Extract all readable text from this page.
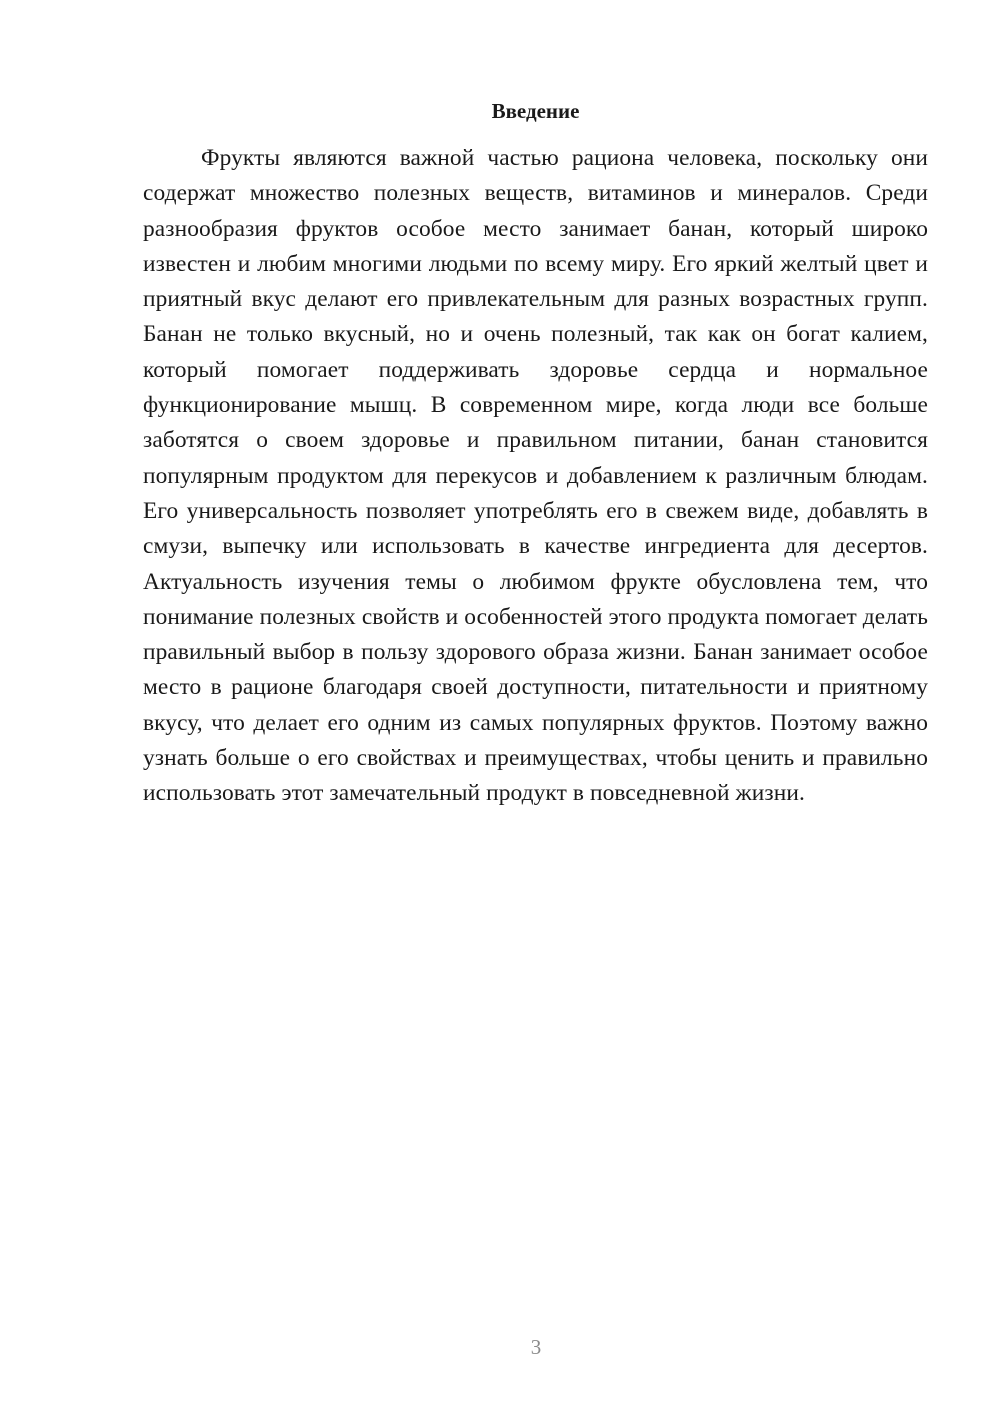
Введение

Фрукты являются важной частью рациона человека, поскольку они содержат множество полезных веществ, витаминов и минералов. Среди разнообразия фруктов особое место занимает банан, который широко известен и любим многими людьми по всему миру. Его яркий желтый цвет и приятный вкус делают его привлекательным для разных возрастных групп. Банан не только вкусный, но и очень полезный, так как он богат калием, который помогает поддерживать здоровье сердца и нормальное функционирование мышц. В современном мире, когда люди все больше заботятся о своем здоровье и правильном питании, банан становится популярным продуктом для перекусов и добавлением к различным блюдам. Его универсальность позволяет употреблять его в свежем виде, добавлять в смузи, выпечку или использовать в качестве ингредиента для десертов. Актуальность изучения темы о любимом фрукте обусловлена тем, что понимание полезных свойств и особенностей этого продукта помогает делать правильный выбор в пользу здорового образа жизни. Банан занимает особое место в рационе благодаря своей доступности, питательности и приятному вкусу, что делает его одним из самых популярных фруктов. Поэтому важно узнать больше о его свойствах и преимуществах, чтобы ценить и правильно использовать этот замечательный продукт в повседневной жизни.

3
